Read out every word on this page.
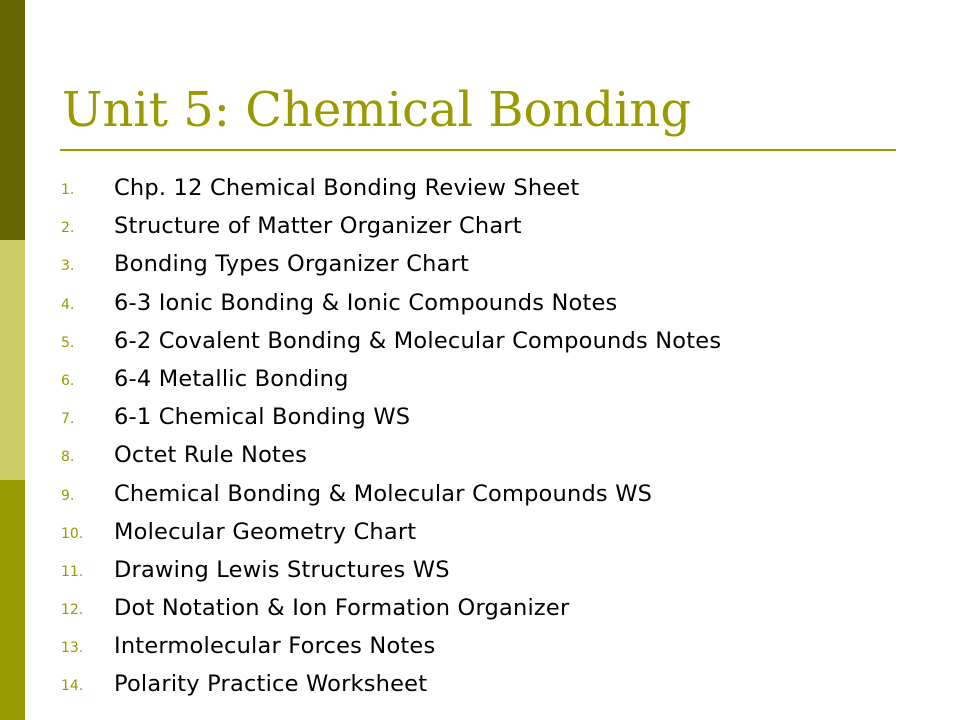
Unit 5: Chemical Bonding
1. Chp. 12 Chemical Bonding Review Sheet
2. Structure of Matter Organizer Chart
3. Bonding Types Organizer Chart
4. 6-3 Ionic Bonding & Ionic Compounds Notes
5. 6-2 Covalent Bonding & Molecular Compounds Notes
6. 6-4 Metallic Bonding
7. 6-1 Chemical Bonding WS
8. Octet Rule Notes
9. Chemical Bonding & Molecular Compounds WS
10. Molecular Geometry Chart
11. Drawing Lewis Structures WS
12. Dot Notation & Ion Formation Organizer
13. Intermolecular Forces Notes
14. Polarity Practice Worksheet
